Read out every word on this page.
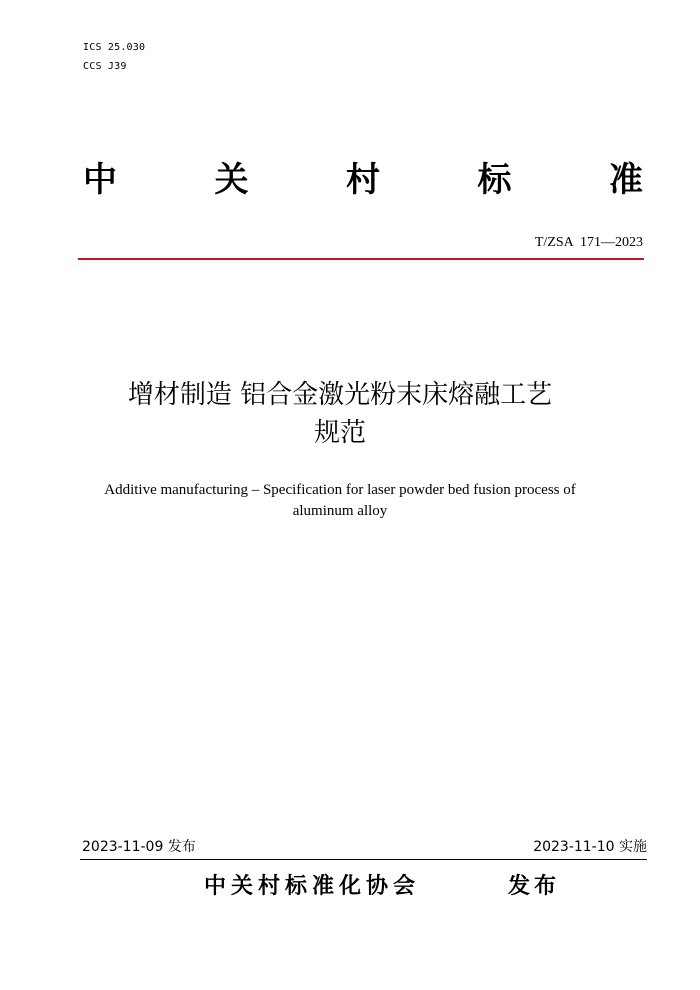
ICS 25.030
CCS J39
中	关	村	标	准
T/ZSA  171—2023
增材制造 铝合金激光粉末床熔融工艺
规范
Additive manufacturing – Specification for laser powder bed fusion process of
aluminum alloy
2023-11-09 发布	2023-11-10 实施
中关村标准化协会	发布
